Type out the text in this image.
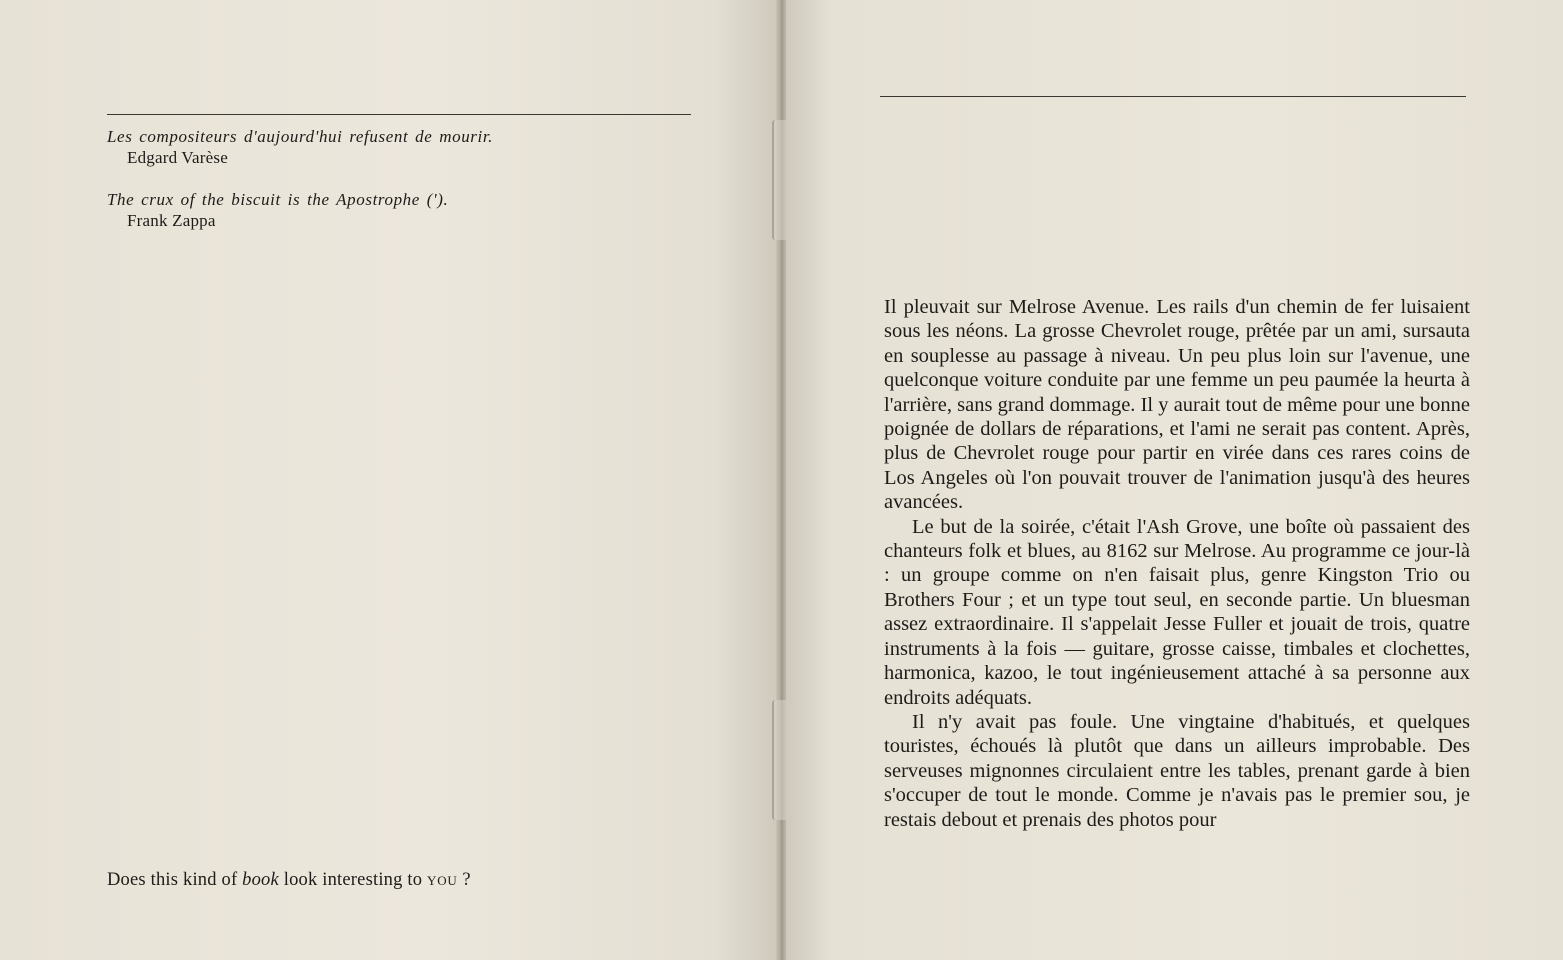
Les compositeurs d'aujourd'hui refusent de mourir.
Edgard Varèse
The crux of the biscuit is the Apostrophe (').
Frank Zappa
Does this kind of book look interesting to YOU ?

Il pleuvait sur Melrose Avenue. Les rails d'un chemin de fer luisaient sous les néons. La grosse Chevrolet rouge, prêtée par un ami, sursauta en souplesse au passage à niveau. Un peu plus loin sur l'avenue, une quelconque voiture conduite par une femme un peu paumée la heurta à l'arrière, sans grand dommage. Il y aurait tout de même pour une bonne poignée de dollars de réparations, et l'ami ne serait pas content. Après, plus de Chevrolet rouge pour partir en virée dans ces rares coins de Los Angeles où l'on pouvait trouver de l'animation jusqu'à des heures avancées.

Le but de la soirée, c'était l'Ash Grove, une boîte où passaient des chanteurs folk et blues, au 8162 sur Melrose. Au programme ce jour-là : un groupe comme on n'en faisait plus, genre Kingston Trio ou Brothers Four ; et un type tout seul, en seconde partie. Un bluesman assez extraordinaire. Il s'appelait Jesse Fuller et jouait de trois, quatre instruments à la fois — guitare, grosse caisse, timbales et clochettes, harmonica, kazoo, le tout ingénieusement attaché à sa personne aux endroits adéquats.

Il n'y avait pas foule. Une vingtaine d'habitués, et quelques touristes, échoués là plutôt que dans un ailleurs improbable. Des serveuses mignonnes circulaient entre les tables, prenant garde à bien s'occuper de tout le monde. Comme je n'avais pas le premier sou, je restais debout et prenais des photos pour
